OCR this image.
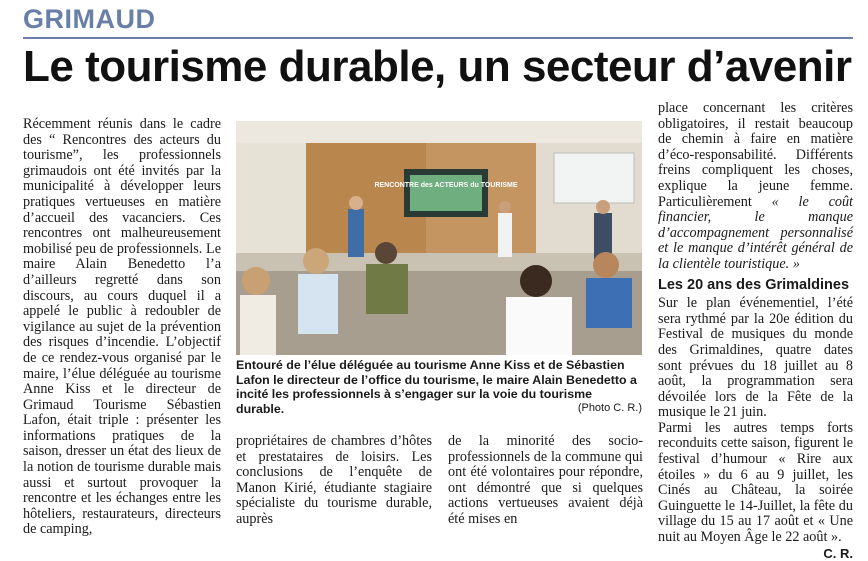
GRIMAUD
Le tourisme durable, un secteur d’avenir

Récemment réunis dans le cadre des “ Rencontres des acteurs du tourisme”, les professionnels grimaudois ont été invités par la municipalité à développer leurs pratiques vertueuses en matière d’accueil des vacanciers. Ces rencontres ont malheureusement mobilisé peu de professionnels. Le maire Alain Benedetto l’a d’ailleurs regretté dans son discours, au cours duquel il a appelé le public à redoubler de vigilance au sujet de la prévention des risques d’incendie. L’objectif de ce rendez-vous organisé par le maire, l’élue déléguée au tourisme Anne Kiss et le directeur de Grimaud Tourisme Sébastien Lafon, était triple : présenter les informations pratiques de la saison, dresser un état des lieux de la notion de tourisme durable mais aussi et surtout provoquer la rencontre et les échanges entre les hôteliers, restaurateurs, directeurs de camping,

RENCONTRE des ACTEURS du TOURISME
Entouré de l’élue déléguée au tourisme Anne Kiss et de Sébastien Lafon le directeur de l’office du tourisme, le maire Alain Benedetto a incité les professionnels à s’engager sur la voie du tourisme durable.	(Photo C. R.)

propriétaires de chambres d’hôtes et prestataires de loisirs. Les conclusions de l’enquête de Manon Kirié, étudiante stagiaire spécialiste du tourisme durable, auprès

de la minorité des socio-professionnels de la commune qui ont été volontaires pour répondre, ont démontré que si quelques actions vertueuses avaient déjà été mises en

place concernant les critères obligatoires, il restait beaucoup de chemin à faire en matière d’éco-responsabilité. Différents freins compliquent les choses, explique la jeune femme. Particulièrement « le coût financier, le manque d’accompagnement personnalisé et le manque d’intérêt général de la clientèle touristique. »

Les 20 ans des Grimaldines

Sur le plan événementiel, l’été sera rythmé par la 20e édition du Festival de musiques du monde des Grimaldines, quatre dates sont prévues du 18 juillet au 8 août, la programmation sera dévoilée lors de la Fête de la musique le 21 juin.

Parmi les autres temps forts reconduits cette saison, figurent le festival d’humour « Rire aux étoiles » du 6 au 9 juillet, les Cinés au Château, la soirée Guinguette le 14-Juillet, la fête du village du 15 au 17 août et « Une nuit au Moyen Âge le 22 août ».

C. R.
